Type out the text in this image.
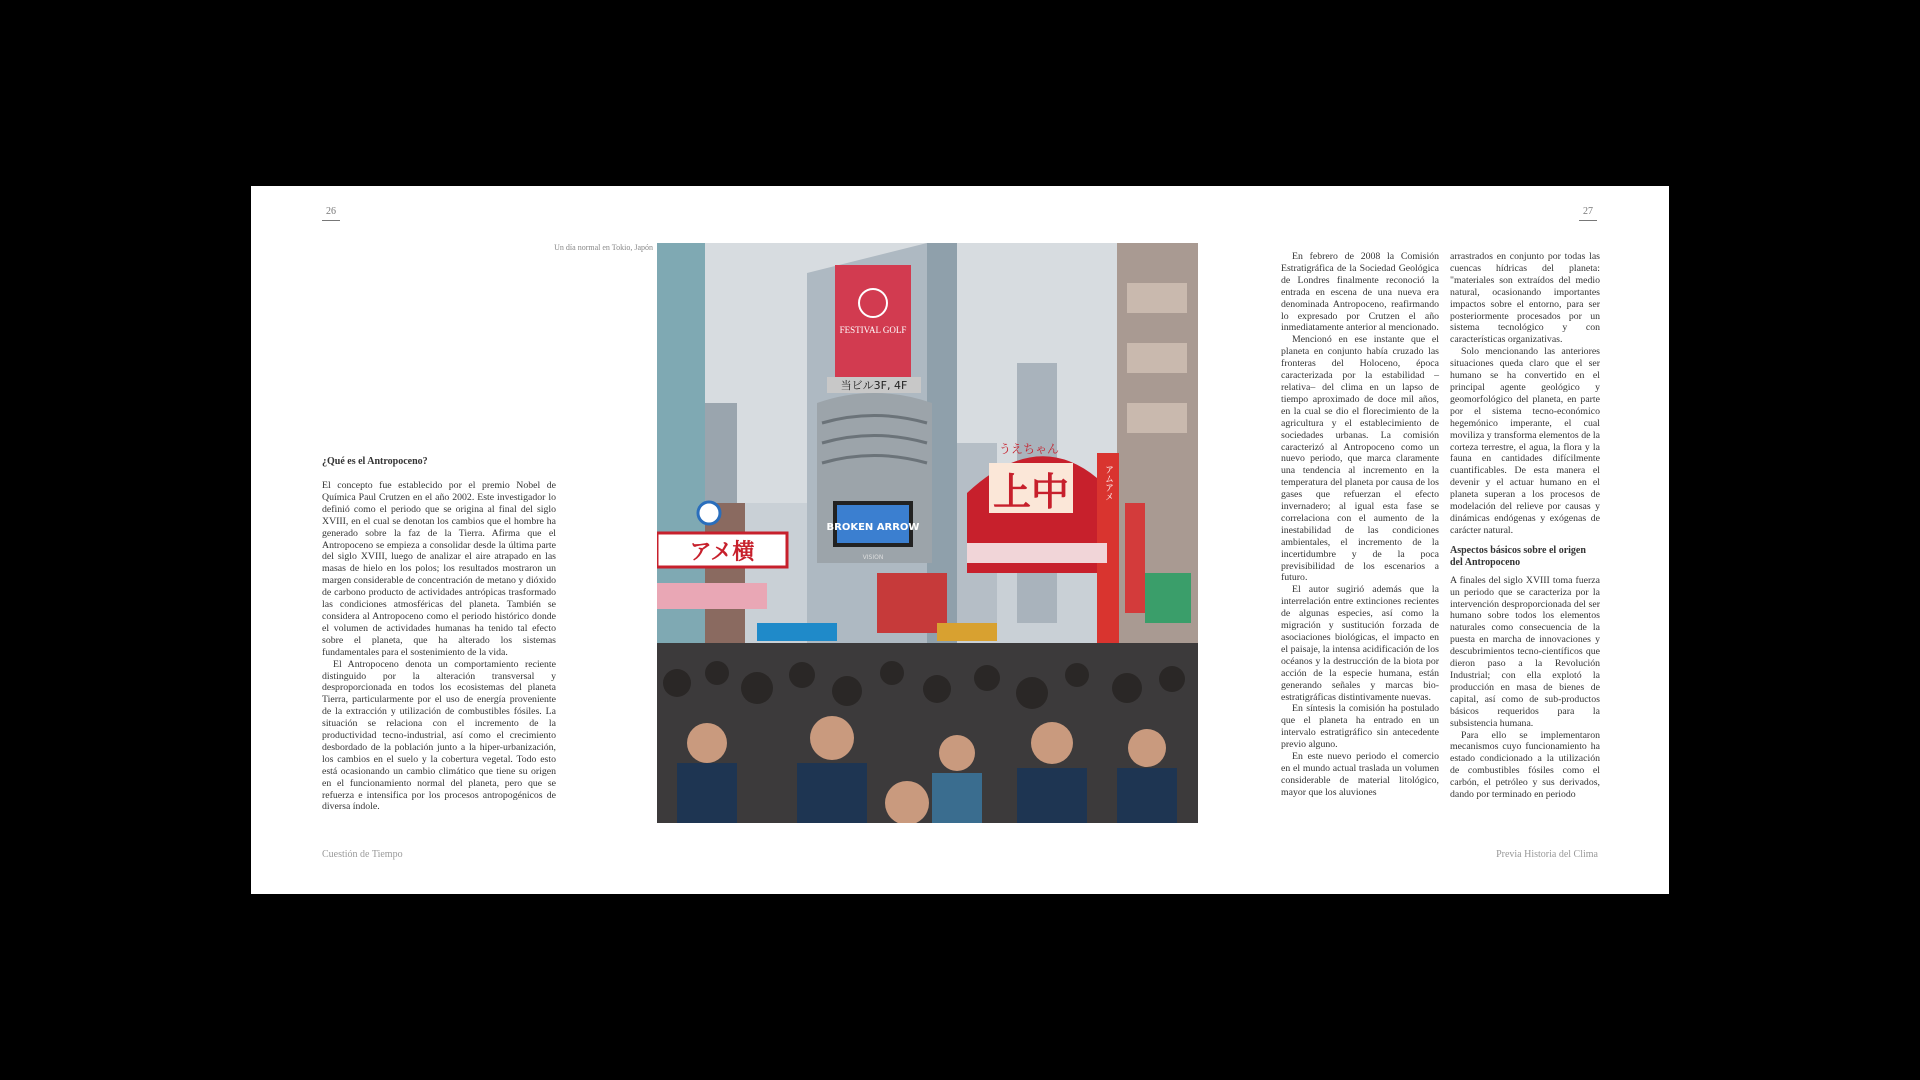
26	27
¿Qué es el Antropoceno?

El concepto fue establecido por el premio Nobel de Química Paul Crutzen en el año 2002. Este investigador lo definió como el periodo que se origina al final del siglo XVIII, en el cual se denotan los cambios que el hombre ha generado sobre la faz de la Tierra. Afirma que el Antropoceno se empieza a consolidar desde la última parte del siglo XVIII, luego de analizar el aire atrapado en las masas de hielo en los polos; los resultados mostraron un margen considerable de concentración de metano y dióxido de carbono producto de actividades antrópicas trasformado las condiciones atmosféricas del planeta. También se considera al Antropoceno como el periodo histórico donde el volumen de actividades humanas ha tenido tal efecto sobre el planeta, que ha alterado los sistemas fundamentales para el sostenimiento de la vida.

El Antropoceno denota un comportamiento reciente distinguido por la alteración transversal y desproporcionada en todos los ecosistemas del planeta Tierra, particularmente por el uso de energía proveniente de la extracción y utilización de combustibles fósiles. La situación se relaciona con el incremento de la productividad tecno-industrial, así como el crecimiento desbordado de la población junto a la hiper-urbanización, los cambios en el suelo y la cobertura vegetal. Todo esto está ocasionando un cambio climático que tiene su origen en el funcionamiento normal del planeta, pero que se refuerza e intensifica por los procesos antropogénicos de diversa índole.

Un día normal en Tokio, Japón
FESTIVAL GOLF
当ビル3F, 4F
BROKEN ARROW
VISION
アムアメ
うえちゃん
上中
アメ横

En febrero de 2008 la Comisión Estratigráfica de la Sociedad Geológica de Londres finalmente reconoció la entrada en escena de una nueva era denominada Antropoceno, reafirmando lo expresado por Crutzen el año inmediatamente anterior al mencionado.

Mencionó en ese instante que el planeta en conjunto había cruzado las fronteras del Holoceno, época caracterizada por la estabilidad –relativa– del clima en un lapso de tiempo aproximado de doce mil años, en la cual se dio el florecimiento de la agricultura y el establecimiento de sociedades urbanas. La comisión caracterizó al Antropoceno como un nuevo periodo, que marca claramente una tendencia al incremento en la temperatura del planeta por causa de los gases que refuerzan el efecto invernadero; al igual esta fase se correlaciona con el aumento de la inestabilidad de las condiciones ambientales, el incremento de la incertidumbre y de la poca previsibilidad de los escenarios a futuro.

El autor sugirió además que la interrelación entre extinciones recientes de algunas especies, así como la migración y sustitución forzada de asociaciones biológicas, el impacto en el paisaje, la intensa acidificación de los océanos y la destrucción de la biota por acción de la especie humana, están generando señales y marcas bio-estratigráficas distintivamente nuevas.

En síntesis la comisión ha postulado que el planeta ha entrado en un intervalo estratigráfico sin antecedente previo alguno.

En este nuevo periodo el comercio en el mundo actual traslada un volumen considerable de material litológico, mayor que los aluviones

arrastrados en conjunto por todas las cuencas hídricas del planeta: "materiales son extraídos del medio natural, ocasionando importantes impactos sobre el entorno, para ser posteriormente procesados por un sistema tecnológico y con características organizativas.

Solo mencionando las anteriores situaciones queda claro que el ser humano se ha convertido en el principal agente geológico y geomorfológico del planeta, en parte por el sistema tecno-económico hegemónico imperante, el cual moviliza y transforma elementos de la corteza terrestre, el agua, la flora y la fauna en cantidades difícilmente cuantificables. De esta manera el devenir y el actuar humano en el planeta superan a los procesos de modelación del relieve por causas y dinámicas endógenas y exógenas de carácter natural.

Aspectos básicos sobre el origen del Antropoceno

A finales del siglo XVIII toma fuerza un periodo que se caracteriza por la intervención desproporcionada del ser humano sobre todos los elementos naturales como consecuencia de la puesta en marcha de innovaciones y descubrimientos tecno-científicos que dieron paso a la Revolución Industrial; con ella explotó la producción en masa de bienes de capital, así como de sub-productos básicos requeridos para la subsistencia humana.

Para ello se implementaron mecanismos cuyo funcionamiento ha estado condicionado a la utilización de combustibles fósiles como el carbón, el petróleo y sus derivados, dando por terminado en periodo

Cuestión de Tiempo	Previa Historia del Clima
